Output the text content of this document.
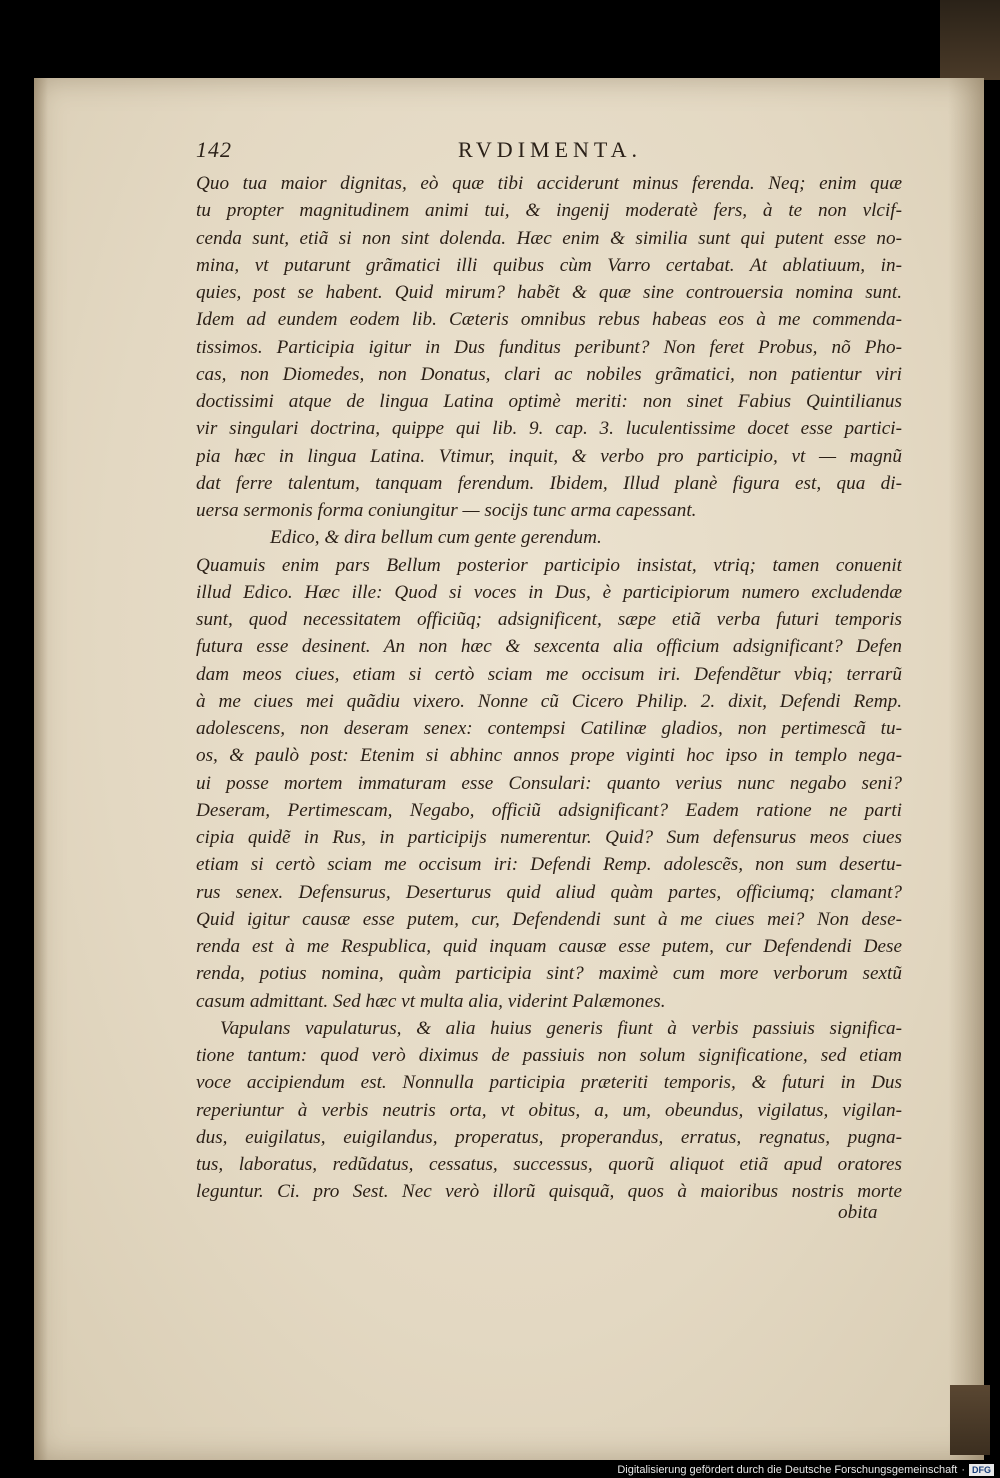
142	RVDIMENTA.
Quo tua maior dignitas, eò quæ tibi acciderunt minus ferenda. Neq; enim quæ
tu propter magnitudinem animi tui, & ingenij moderatè fers, à te non vlcif-
cenda sunt, etiã si non sint dolenda. Hæc enim & similia sunt qui putent esse no-
mina, vt putarunt grãmatici illi quibus cùm Varro certabat. At ablatiuum, in-
quies, post se habent. Quid mirum? habẽt & quæ sine controuersia nomina sunt.
Idem ad eundem eodem lib. Cæteris omnibus rebus habeas eos à me commenda-
tissimos. Participia igitur in Dus funditus peribunt? Non feret Probus, nõ Pho-
cas, non Diomedes, non Donatus, clari ac nobiles grãmatici, non patientur viri
doctissimi atque de lingua Latina optimè meriti: non sinet Fabius Quintilianus
vir singulari doctrina, quippe qui lib. 9. cap. 3. luculentissime docet esse partici-
pia hæc in lingua Latina. Vtimur, inquit, & verbo pro participio, vt — magnũ
dat ferre talentum, tanquam ferendum. Ibidem, Illud planè figura est, qua di-
uersa sermonis forma coniungitur — socijs tunc arma capessant.
Edico, & dira bellum cum gente gerendum.
Quamuis enim pars Bellum posterior participio insistat, vtriq; tamen conuenit
illud Edico. Hæc ille: Quod si voces in Dus, è participiorum numero excludendæ
sunt, quod necessitatem officiũq; adsignificent, sæpe etiã verba futuri temporis
futura esse desinent. An non hæc & sexcenta alia officium adsignificant? Defen
dam meos ciues, etiam si certò sciam me occisum iri. Defendẽtur vbiq; terrarũ
à me ciues mei quãdiu vixero. Nonne cũ Cicero Philip. 2. dixit, Defendi Remp.
adolescens, non deseram senex: contempsi Catilinæ gladios, non pertimescã tu-
os, & paulò post: Etenim si abhinc annos prope viginti hoc ipso in templo nega-
ui posse mortem immaturam esse Consulari: quanto verius nunc negabo seni?
Deseram, Pertimescam, Negabo, officiũ adsignificant? Eadem ratione ne parti
cipia quidẽ in Rus, in participijs numerentur. Quid? Sum defensurus meos ciues
etiam si certò sciam me occisum iri: Defendi Remp. adolescẽs, non sum desertu-
rus senex. Defensurus, Deserturus quid aliud quàm partes, officiumq; clamant?
Quid igitur causæ esse putem, cur, Defendendi sunt à me ciues mei? Non dese-
renda est à me Respublica, quid inquam causæ esse putem, cur Defendendi Dese
renda, potius nomina, quàm participia sint? maximè cum more verborum sextũ
casum admittant. Sed hæc vt multa alia, viderint Palæmones.
Vapulans vapulaturus, & alia huius generis fiunt à verbis passiuis significa-
tione tantum: quod verò diximus de passiuis non solum significatione, sed etiam
voce accipiendum est. Nonnulla participia præteriti temporis, & futuri in Dus
reperiuntur à verbis neutris orta, vt obitus, a, um, obeundus, vigilatus, vigilan-
dus, euigilatus, euigilandus, properatus, properandus, erratus, regnatus, pugna-
tus, laboratus, redũdatus, cessatus, successus, quorũ aliquot etiã apud oratores
leguntur. Ci. pro Sest. Nec verò illorũ quisquã, quos à maioribus nostris morte
obita
Digitalisierung gefördert durch die Deutsche Forschungsgemeinschaft · DFG
